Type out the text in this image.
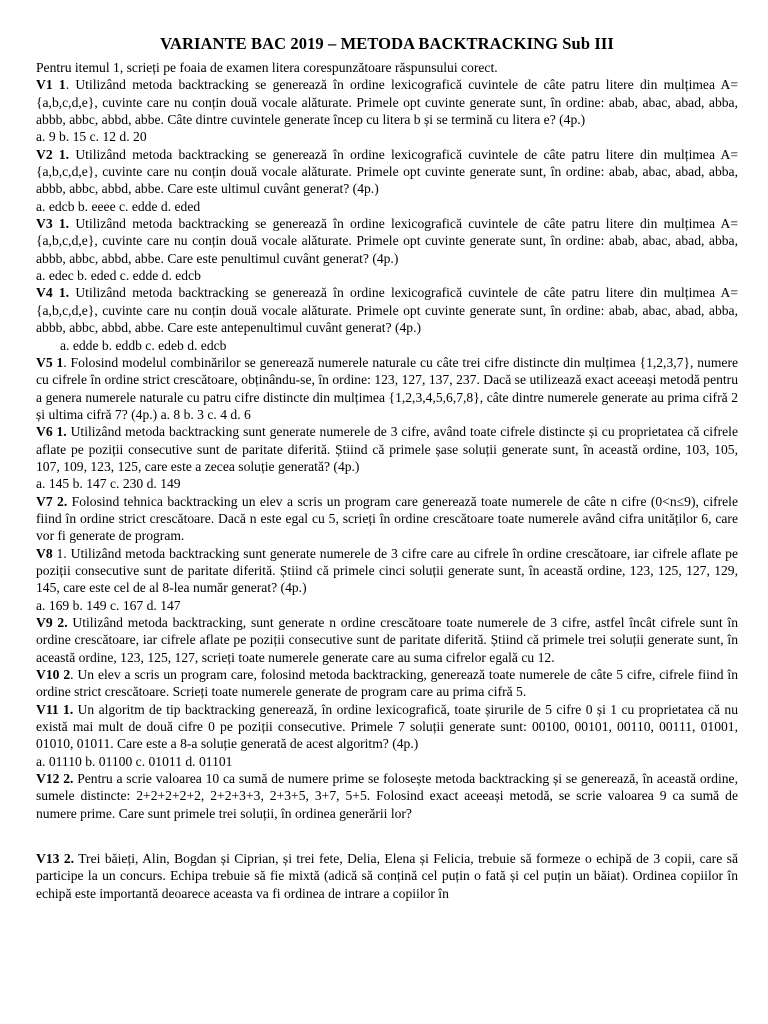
VARIANTE BAC 2019 – METODA BACKTRACKING Sub III

Pentru itemul 1, scrieți pe foaia de examen litera corespunzătoare răspunsului corect.

V1 1. Utilizând metoda backtracking se generează în ordine lexicografică cuvintele de câte patru litere din mulțimea A={a,b,c,d,e}, cuvinte care nu conțin două vocale alăturate. Primele opt cuvinte generate sunt, în ordine: abab, abac, abad, abba, abbb, abbc, abbd, abbe. Câte dintre cuvintele generate încep cu litera b și se termină cu litera e? (4p.)

a. 9 b. 15 c. 12 d. 20

V2 1. Utilizând metoda backtracking se generează în ordine lexicografică cuvintele de câte patru litere din mulțimea A={a,b,c,d,e}, cuvinte care nu conțin două vocale alăturate. Primele opt cuvinte generate sunt, în ordine: abab, abac, abad, abba, abbb, abbc, abbd, abbe. Care este ultimul cuvânt generat? (4p.)

a. edcb b. eeee c. edde d. eded

V3 1. Utilizând metoda backtracking se generează în ordine lexicografică cuvintele de câte patru litere din mulțimea A={a,b,c,d,e}, cuvinte care nu conțin două vocale alăturate. Primele opt cuvinte generate sunt, în ordine: abab, abac, abad, abba, abbb, abbc, abbd, abbe. Care este penultimul cuvânt generat? (4p.)

a. edec b. eded c. edde d. edcb

V4 1. Utilizând metoda backtracking se generează în ordine lexicografică cuvintele de câte patru litere din mulțimea A={a,b,c,d,e}, cuvinte care nu conțin două vocale alăturate. Primele opt cuvinte generate sunt, în ordine: abab, abac, abad, abba, abbb, abbc, abbd, abbe. Care este antepenultimul cuvânt generat? (4p.)

a. edde b. eddb c. edeb d. edcb

V5 1. Folosind modelul combinărilor se generează numerele naturale cu câte trei cifre distincte din mulțimea {1,2,3,7}, numere cu cifrele în ordine strict crescătoare, obținându-se, în ordine: 123, 127, 137, 237. Dacă se utilizează exact aceeași metodă pentru a genera numerele naturale cu patru cifre distincte din mulțimea {1,2,3,4,5,6,7,8}, câte dintre numerele generate au prima cifră 2 și ultima cifră 7? (4p.) a. 8 b. 3 c. 4 d. 6

V6 1. Utilizând metoda backtracking sunt generate numerele de 3 cifre, având toate cifrele distincte și cu proprietatea că cifrele aflate pe poziții consecutive sunt de paritate diferită. Știind că primele șase soluții generate sunt, în această ordine, 103, 105, 107, 109, 123, 125, care este a zecea soluție generată? (4p.)

a. 145 b. 147 c. 230 d. 149

V7 2. Folosind tehnica backtracking un elev a scris un program care generează toate numerele de câte n cifre (0<n≤9), cifrele fiind în ordine strict crescătoare. Dacă n este egal cu 5, scrieți în ordine crescătoare toate numerele având cifra unităților 6, care vor fi generate de program.

V8 1. Utilizând metoda backtracking sunt generate numerele de 3 cifre care au cifrele în ordine crescătoare, iar cifrele aflate pe poziții consecutive sunt de paritate diferită. Știind că primele cinci soluții generate sunt, în această ordine, 123, 125, 127, 129, 145, care este cel de al 8-lea număr generat? (4p.)

a. 169 b. 149 c. 167 d. 147

V9 2. Utilizând metoda backtracking, sunt generate n ordine crescătoare toate numerele de 3 cifre, astfel încât cifrele sunt în ordine crescătoare, iar cifrele aflate pe poziții consecutive sunt de paritate diferită. Știind că primele trei soluții generate sunt, în această ordine, 123, 125, 127, scrieți toate numerele generate care au suma cifrelor egală cu 12.

V10 2. Un elev a scris un program care, folosind metoda backtracking, generează toate numerele de câte 5 cifre, cifrele fiind în ordine strict crescătoare. Scrieți toate numerele generate de program care au prima cifră 5.

V11 1. Un algoritm de tip backtracking generează, în ordine lexicografică, toate șirurile de 5 cifre 0 și 1 cu proprietatea că nu există mai mult de două cifre 0 pe poziții consecutive. Primele 7 soluții generate sunt: 00100, 00101, 00110, 00111, 01001, 01010, 01011. Care este a 8-a soluție generată de acest algoritm? (4p.)

a. 01110 b. 01100 c. 01011 d. 01101

V12 2. Pentru a scrie valoarea 10 ca sumă de numere prime se folosește metoda backtracking și se generează, în această ordine, sumele distincte: 2+2+2+2+2, 2+2+3+3, 2+3+5, 3+7, 5+5. Folosind exact aceeași metodă, se scrie valoarea 9 ca sumă de numere prime. Care sunt primele trei soluții, în ordinea generării lor?

V13 2. Trei băieți, Alin, Bogdan și Ciprian, și trei fete, Delia, Elena și Felicia, trebuie să formeze o echipă de 3 copii, care să participe la un concurs. Echipa trebuie să fie mixtă (adică să conțină cel puțin o fată și cel puțin un băiat). Ordinea copiilor în echipă este importantă deoarece aceasta va fi ordinea de intrare a copiilor în
